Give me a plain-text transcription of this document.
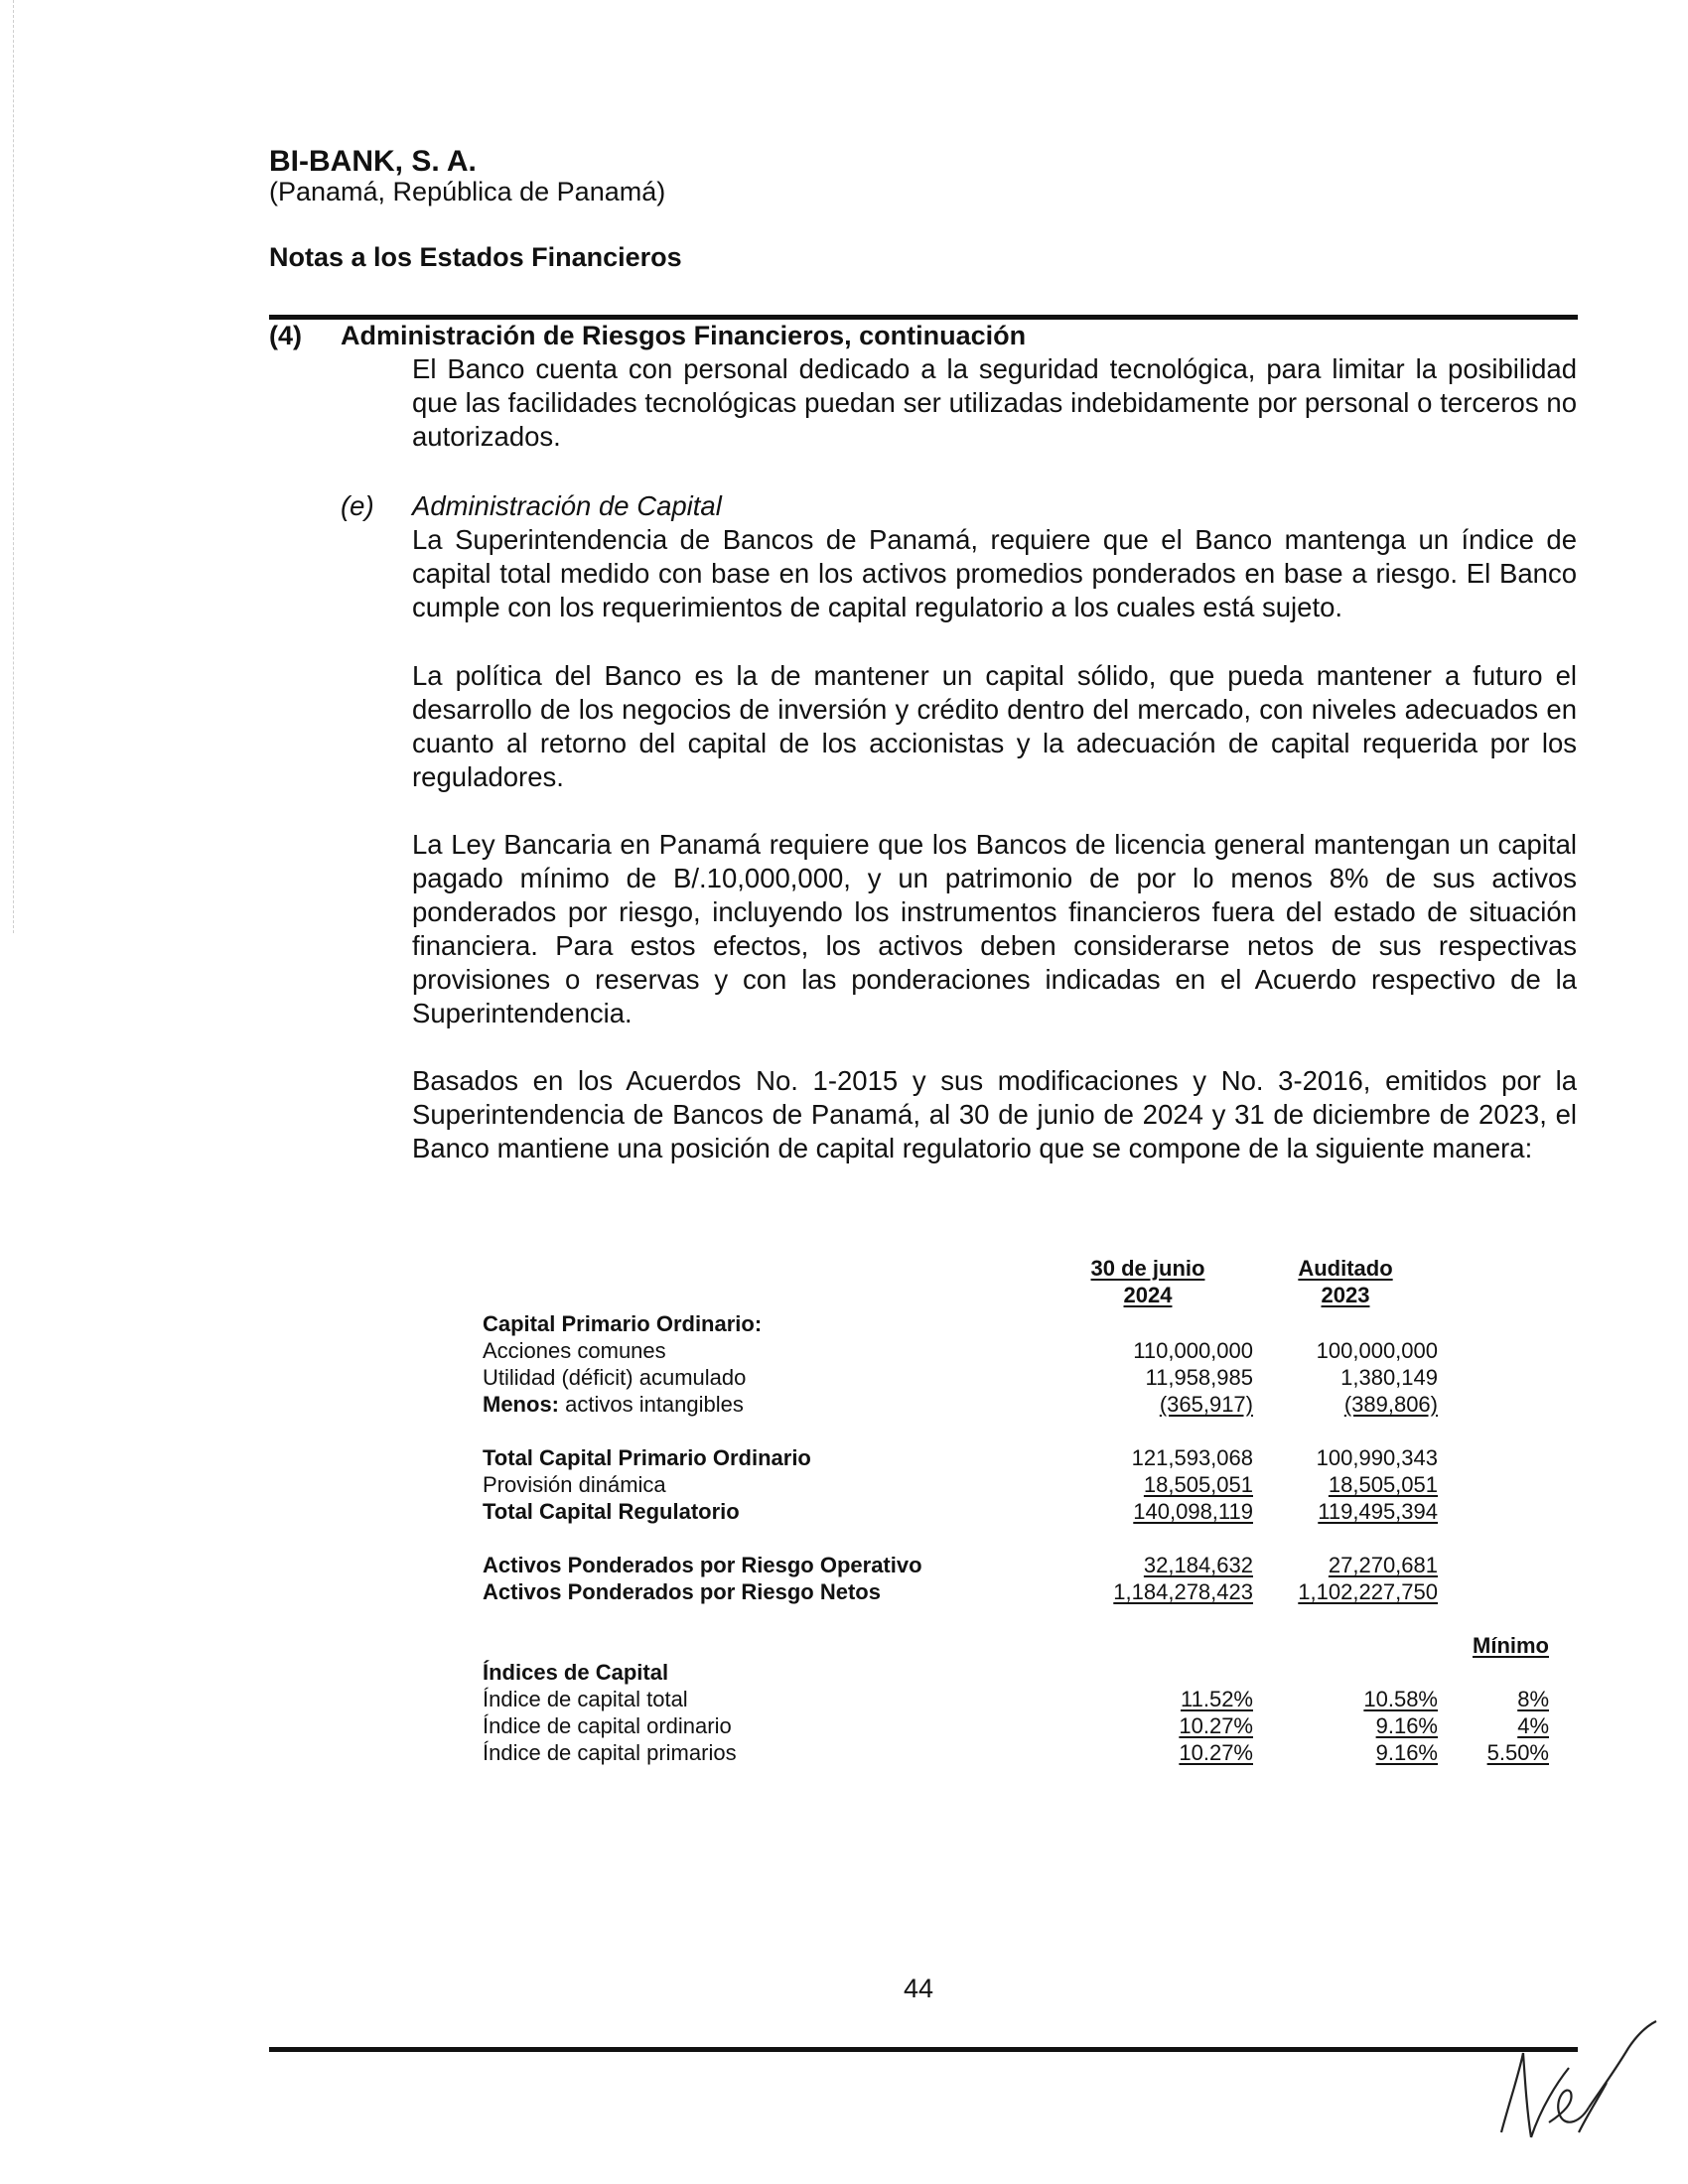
BI-BANK, S. A.
(Panamá, República de Panamá)
Notas a los Estados Financieros
(4) Administración de Riesgos Financieros, continuación
El Banco cuenta con personal dedicado a la seguridad tecnológica, para limitar la posibilidad que las facilidades tecnológicas puedan ser utilizadas indebidamente por personal o terceros no autorizados.
(e) Administración de Capital
La Superintendencia de Bancos de Panamá, requiere que el Banco mantenga un índice de capital total medido con base en los activos promedios ponderados en base a riesgo. El Banco cumple con los requerimientos de capital regulatorio a los cuales está sujeto.
La política del Banco es la de mantener un capital sólido, que pueda mantener a futuro el desarrollo de los negocios de inversión y crédito dentro del mercado, con niveles adecuados en cuanto al retorno del capital de los accionistas y la adecuación de capital requerida por los reguladores.
La Ley Bancaria en Panamá requiere que los Bancos de licencia general mantengan un capital pagado mínimo de B/.10,000,000, y un patrimonio de por lo menos 8% de sus activos ponderados por riesgo, incluyendo los instrumentos financieros fuera del estado de situación financiera. Para estos efectos, los activos deben considerarse netos de sus respectivas provisiones o reservas y con las ponderaciones indicadas en el Acuerdo respectivo de la Superintendencia.
Basados en los Acuerdos No. 1-2015 y sus modificaciones y No. 3-2016, emitidos por la Superintendencia de Bancos de Panamá, al 30 de junio de 2024 y 31 de diciembre de 2023, el Banco mantiene una posición de capital regulatorio que se compone de la siguiente manera:
30 de junio
2024
Auditado
2023
Capital Primario Ordinario:
Acciones comunes	110,000,000	100,000,000
Utilidad (déficit) acumulado	11,958,985	1,380,149
Menos: activos intangibles	(365,917)	(389,806)
Total Capital Primario Ordinario	121,593,068	100,990,343
Provisión dinámica	18,505,051	18,505,051
Total Capital Regulatorio	140,098,119	119,495,394
Activos Ponderados por Riesgo Operativo	32,184,632	27,270,681
Activos Ponderados por Riesgo Netos	1,184,278,423	1,102,227,750
Mínimo
Índices de Capital
Índice de capital total	11.52%	10.58%	8%
Índice de capital ordinario	10.27%	9.16%	4%
Índice de capital primarios	10.27%	9.16%	5.50%
44
